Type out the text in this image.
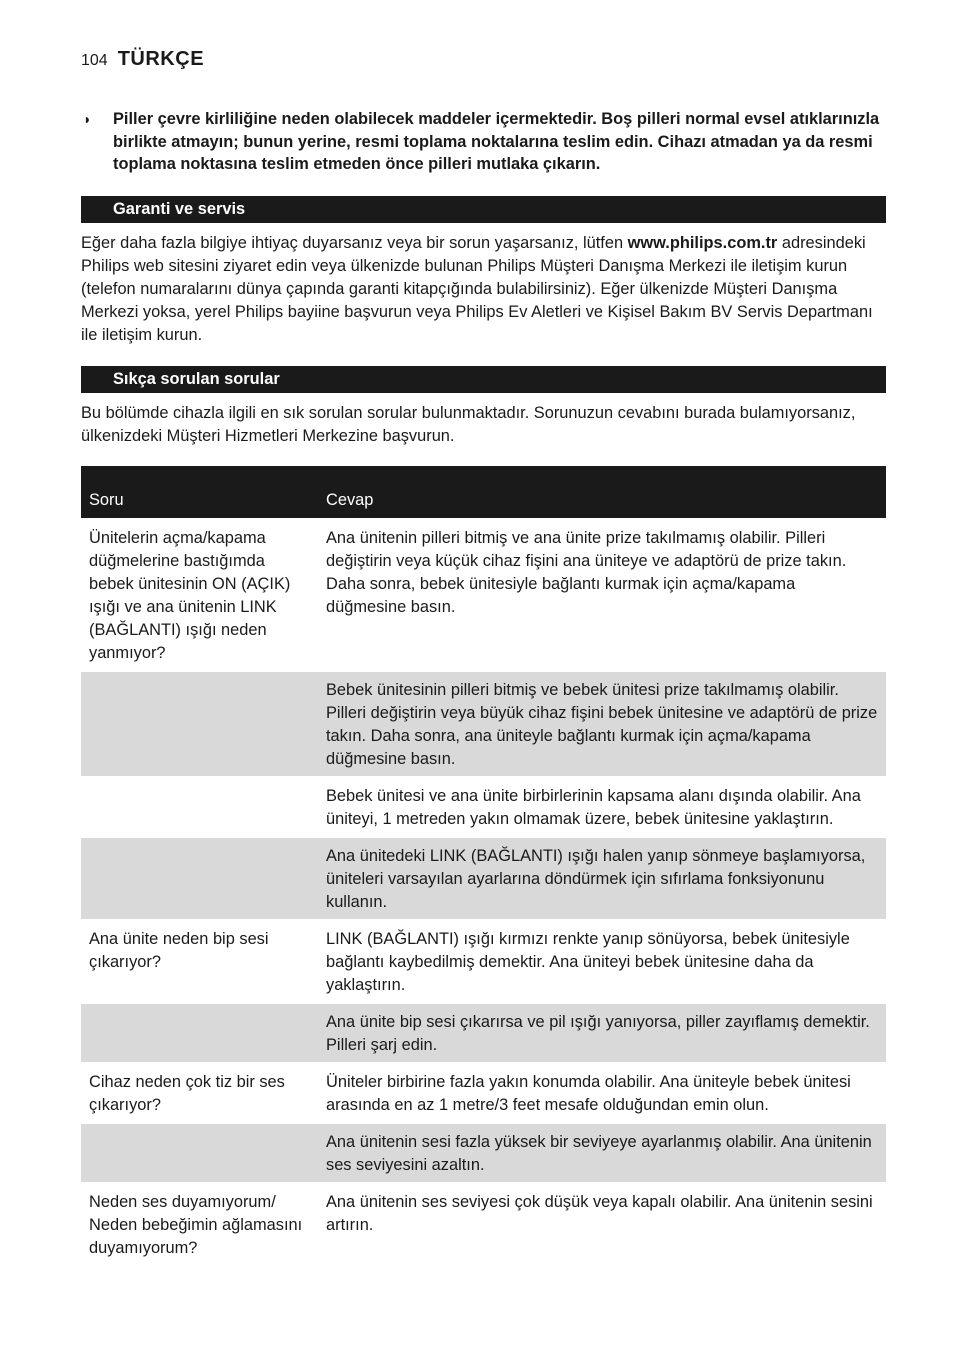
104 TÜRKÇE
◗	Piller çevre kirliliğine neden olabilecek maddeler içermektedir. Boş pilleri normal evsel atıklarınızla birlikte atmayın; bunun yerine, resmi toplama noktalarına teslim edin. Cihazı atmadan ya da resmi toplama noktasına teslim etmeden önce pilleri mutlaka çıkarın.
Garanti ve servis
Eğer daha fazla bilgiye ihtiyaç duyarsanız veya bir sorun yaşarsanız, lütfen www.philips.com.tr adresindeki Philips web sitesini ziyaret edin veya ülkenizde bulunan Philips Müşteri Danışma Merkezi ile iletişim kurun (telefon numaralarını dünya çapında garanti kitapçığında bulabilirsiniz). Eğer ülkenizde Müşteri Danışma Merkezi yoksa, yerel Philips bayiine başvurun veya Philips Ev Aletleri ve Kişisel Bakım BV Servis Departmanı ile iletişim kurun.
Sıkça sorulan sorular
Bu bölümde cihazla ilgili en sık sorulan sorular bulunmaktadır. Sorunuzun cevabını burada bulamıyorsanız, ülkenizdeki Müşteri Hizmetleri Merkezine başvurun.
Soru	Cevap
Ünitelerin açma/kapama düğmelerine bastığımda bebek ünitesinin ON (AÇIK) ışığı ve ana ünitenin LINK (BAĞLANTI) ışığı neden yanmıyor?	Ana ünitenin pilleri bitmiş ve ana ünite prize takılmamış olabilir. Pilleri değiştirin veya küçük cihaz fişini ana üniteye ve adaptörü de prize takın. Daha sonra, bebek ünitesiyle bağlantı kurmak için açma/kapama düğmesine basın.
	Bebek ünitesinin pilleri bitmiş ve bebek ünitesi prize takılmamış olabilir. Pilleri değiştirin veya büyük cihaz fişini bebek ünitesine ve adaptörü de prize takın. Daha sonra, ana üniteyle bağlantı kurmak için açma/kapama düğmesine basın.
	Bebek ünitesi ve ana ünite birbirlerinin kapsama alanı dışında olabilir. Ana üniteyi, 1 metreden yakın olmamak üzere, bebek ünitesine yaklaştırın.
	Ana ünitedeki LINK (BAĞLANTI) ışığı halen yanıp sönmeye başlamıyorsa, üniteleri varsayılan ayarlarına döndürmek için sıfırlama fonksiyonunu kullanın.
Ana ünite neden bip sesi çıkarıyor?	LINK (BAĞLANTI) ışığı kırmızı renkte yanıp sönüyorsa, bebek ünitesiyle bağlantı kaybedilmiş demektir. Ana üniteyi bebek ünitesine daha da yaklaştırın.
	Ana ünite bip sesi çıkarırsa ve pil ışığı yanıyorsa, piller zayıflamış demektir. Pilleri şarj edin.
Cihaz neden çok tiz bir ses çıkarıyor?	Üniteler birbirine fazla yakın konumda olabilir. Ana üniteyle bebek ünitesi arasında en az 1 metre/3 feet mesafe olduğundan emin olun.
	Ana ünitenin sesi fazla yüksek bir seviyeye ayarlanmış olabilir. Ana ünitenin ses seviyesini azaltın.
Neden ses duyamıyorum/ Neden bebeğimin ağlamasını duyamıyorum?	Ana ünitenin ses seviyesi çok düşük veya kapalı olabilir. Ana ünitenin sesini artırın.
